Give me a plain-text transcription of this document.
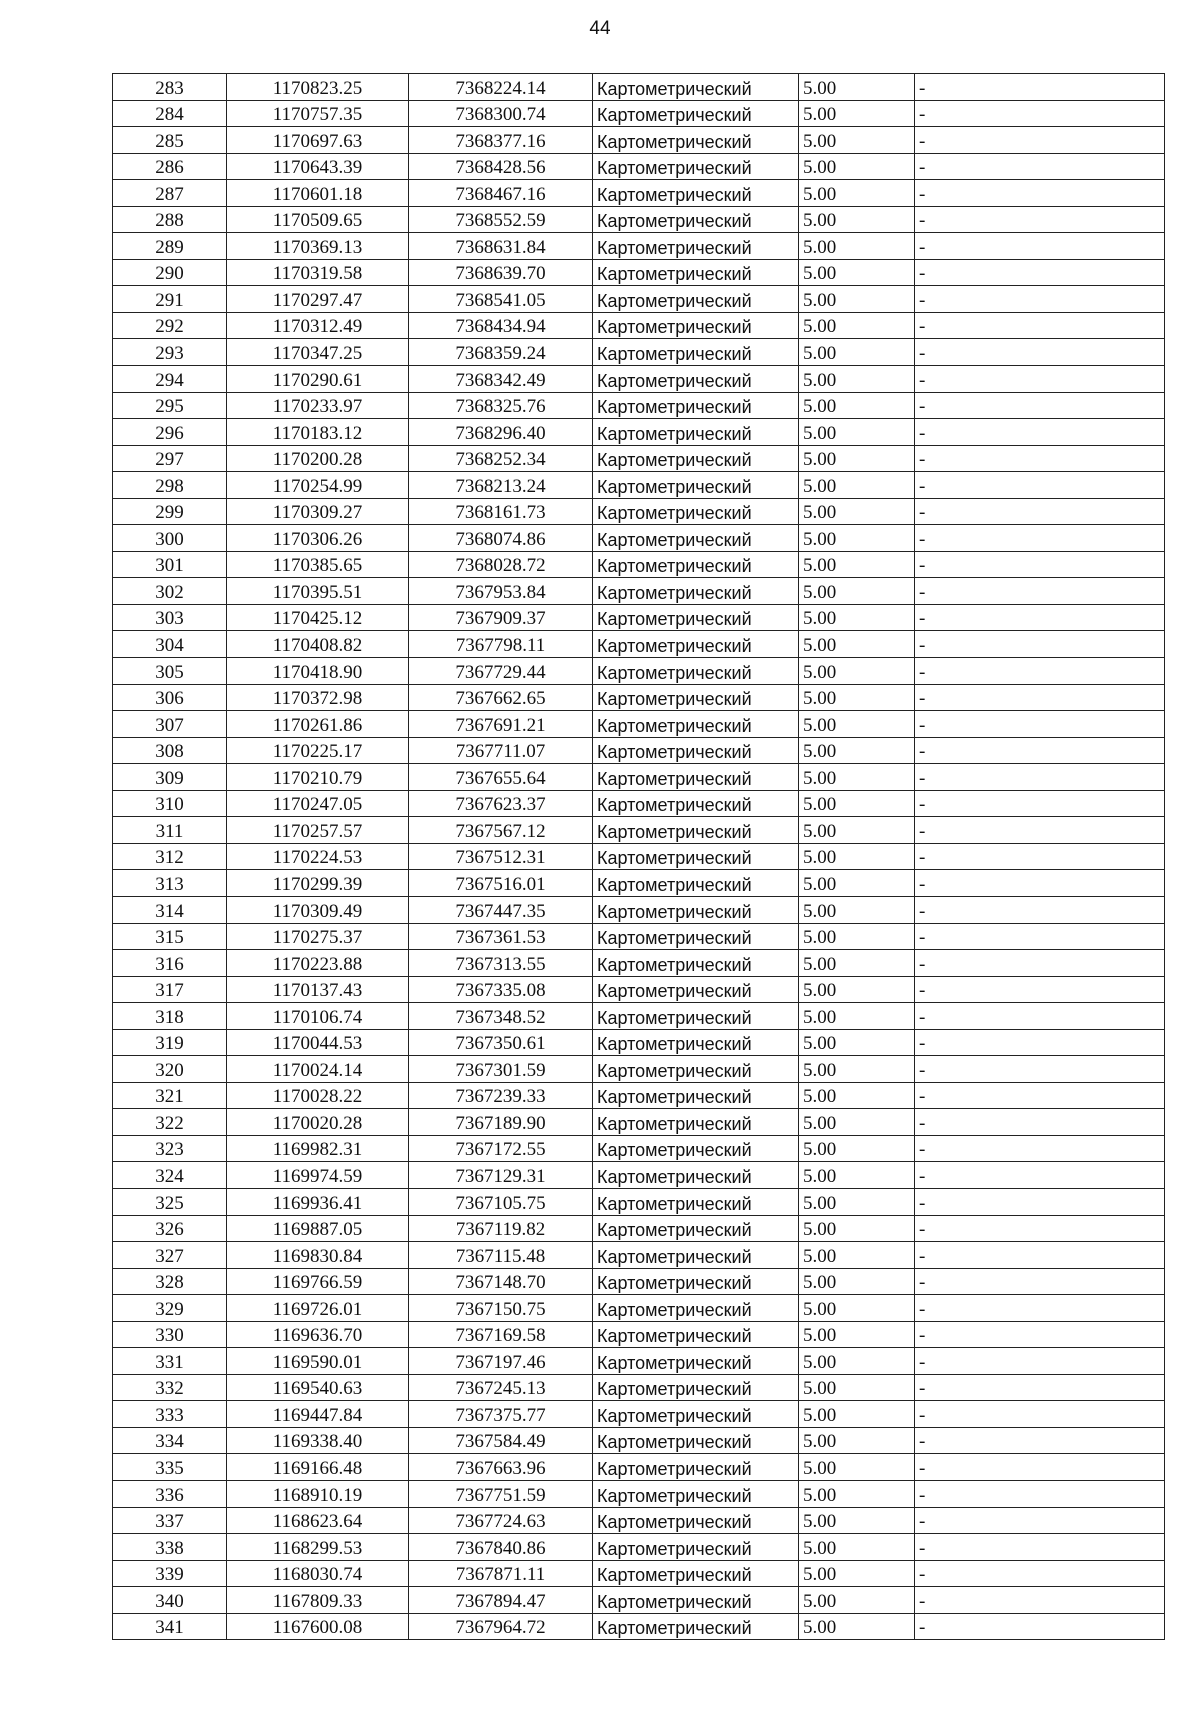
44
283	1170823.25	7368224.14	Картометрический	5.00	-
284	1170757.35	7368300.74	Картометрический	5.00	-
285	1170697.63	7368377.16	Картометрический	5.00	-
286	1170643.39	7368428.56	Картометрический	5.00	-
287	1170601.18	7368467.16	Картометрический	5.00	-
288	1170509.65	7368552.59	Картометрический	5.00	-
289	1170369.13	7368631.84	Картометрический	5.00	-
290	1170319.58	7368639.70	Картометрический	5.00	-
291	1170297.47	7368541.05	Картометрический	5.00	-
292	1170312.49	7368434.94	Картометрический	5.00	-
293	1170347.25	7368359.24	Картометрический	5.00	-
294	1170290.61	7368342.49	Картометрический	5.00	-
295	1170233.97	7368325.76	Картометрический	5.00	-
296	1170183.12	7368296.40	Картометрический	5.00	-
297	1170200.28	7368252.34	Картометрический	5.00	-
298	1170254.99	7368213.24	Картометрический	5.00	-
299	1170309.27	7368161.73	Картометрический	5.00	-
300	1170306.26	7368074.86	Картометрический	5.00	-
301	1170385.65	7368028.72	Картометрический	5.00	-
302	1170395.51	7367953.84	Картометрический	5.00	-
303	1170425.12	7367909.37	Картометрический	5.00	-
304	1170408.82	7367798.11	Картометрический	5.00	-
305	1170418.90	7367729.44	Картометрический	5.00	-
306	1170372.98	7367662.65	Картометрический	5.00	-
307	1170261.86	7367691.21	Картометрический	5.00	-
308	1170225.17	7367711.07	Картометрический	5.00	-
309	1170210.79	7367655.64	Картометрический	5.00	-
310	1170247.05	7367623.37	Картометрический	5.00	-
311	1170257.57	7367567.12	Картометрический	5.00	-
312	1170224.53	7367512.31	Картометрический	5.00	-
313	1170299.39	7367516.01	Картометрический	5.00	-
314	1170309.49	7367447.35	Картометрический	5.00	-
315	1170275.37	7367361.53	Картометрический	5.00	-
316	1170223.88	7367313.55	Картометрический	5.00	-
317	1170137.43	7367335.08	Картометрический	5.00	-
318	1170106.74	7367348.52	Картометрический	5.00	-
319	1170044.53	7367350.61	Картометрический	5.00	-
320	1170024.14	7367301.59	Картометрический	5.00	-
321	1170028.22	7367239.33	Картометрический	5.00	-
322	1170020.28	7367189.90	Картометрический	5.00	-
323	1169982.31	7367172.55	Картометрический	5.00	-
324	1169974.59	7367129.31	Картометрический	5.00	-
325	1169936.41	7367105.75	Картометрический	5.00	-
326	1169887.05	7367119.82	Картометрический	5.00	-
327	1169830.84	7367115.48	Картометрический	5.00	-
328	1169766.59	7367148.70	Картометрический	5.00	-
329	1169726.01	7367150.75	Картометрический	5.00	-
330	1169636.70	7367169.58	Картометрический	5.00	-
331	1169590.01	7367197.46	Картометрический	5.00	-
332	1169540.63	7367245.13	Картометрический	5.00	-
333	1169447.84	7367375.77	Картометрический	5.00	-
334	1169338.40	7367584.49	Картометрический	5.00	-
335	1169166.48	7367663.96	Картометрический	5.00	-
336	1168910.19	7367751.59	Картометрический	5.00	-
337	1168623.64	7367724.63	Картометрический	5.00	-
338	1168299.53	7367840.86	Картометрический	5.00	-
339	1168030.74	7367871.11	Картометрический	5.00	-
340	1167809.33	7367894.47	Картометрический	5.00	-
341	1167600.08	7367964.72	Картометрический	5.00	-
